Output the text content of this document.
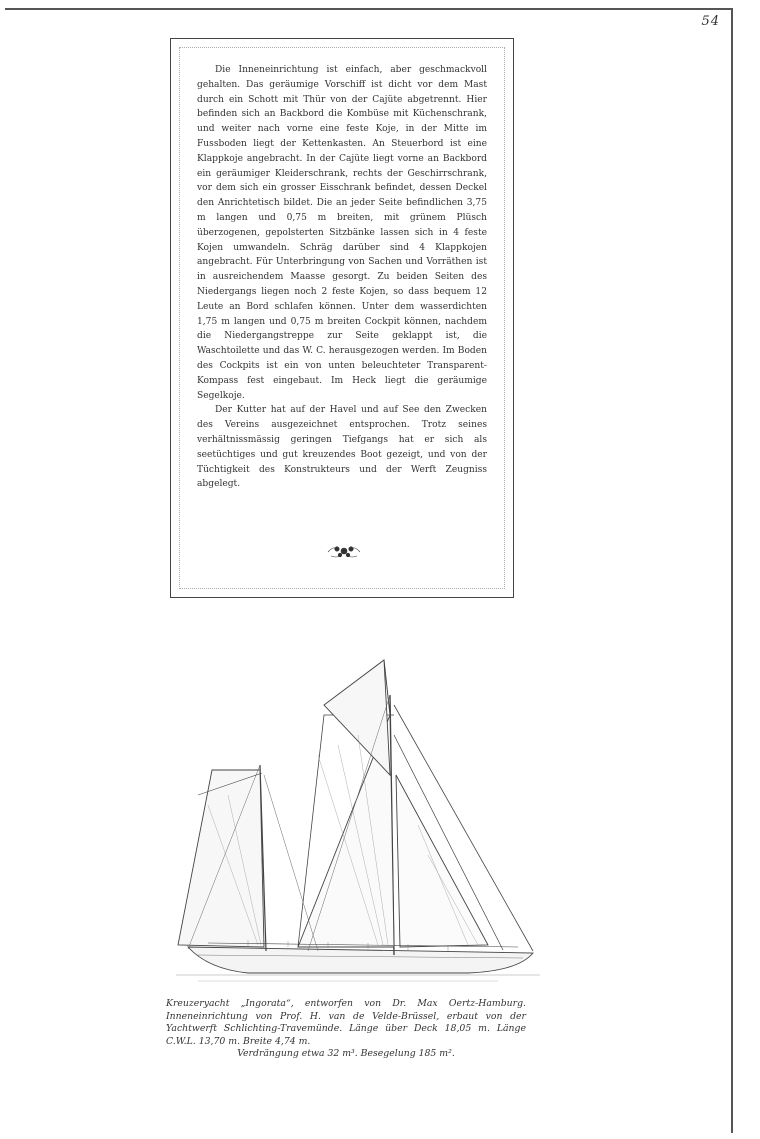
54

Die Inneneinrichtung ist einfach, aber geschmackvoll gehalten. Das geräumige Vorschiff ist dicht vor dem Mast durch ein Schott mit Thür von der Cajüte abgetrennt. Hier befinden sich an Backbord die Kombüse mit Küchenschrank, und weiter nach vorne eine feste Koje, in der Mitte im Fussboden liegt der Kettenkasten. An Steuerbord ist eine Klappkoje angebracht. In der Cajüte liegt vorne an Backbord ein geräumiger Kleiderschrank, rechts der Geschirrschrank, vor dem sich ein grosser Eisschrank befindet, dessen Deckel den Anrichtetisch bildet. Die an jeder Seite befindlichen 3,75 m langen und 0,75 m breiten, mit grünem Plüsch überzogenen, gepolsterten Sitzbänke lassen sich in 4 feste Kojen umwandeln. Schräg darüber sind 4 Klappkojen angebracht. Für Unterbringung von Sachen und Vorräthen ist in ausreichendem Maasse gesorgt. Zu beiden Seiten des Niedergangs liegen noch 2 feste Kojen, so dass bequem 12 Leute an Bord schlafen können. Unter dem wasserdichten 1,75 m langen und 0,75 m breiten Cockpit können, nachdem die Niedergangstreppe zur Seite geklappt ist, die Waschtoilette und das W. C. herausgezogen werden. Im Boden des Cockpits ist ein von unten beleuchteter Transparent-Kompass fest eingebaut. Im Heck liegt die geräumige Segelkoje.

Der Kutter hat auf der Havel und auf See den Zwecken des Vereins ausgezeichnet entsprochen. Trotz seines verhältnissmässig geringen Tiefgangs hat er sich als seetüchtiges und gut kreuzendes Boot gezeigt, und von der Tüchtigkeit des Konstrukteurs und der Werft Zeugniss abgelegt.

Kreuzeryacht „Ingorata“, entworfen von Dr. Max Oertz-Hamburg. Inneneinrichtung von Prof. H. van de Velde-Brüssel, erbaut von der Yachtwerft Schlichting-Travemünde. Länge über Deck 18,05 m. Länge C.W.L. 13,70 m. Breite 4,74 m.
Verdrängung etwa 32 m³. Besegelung 185 m².
